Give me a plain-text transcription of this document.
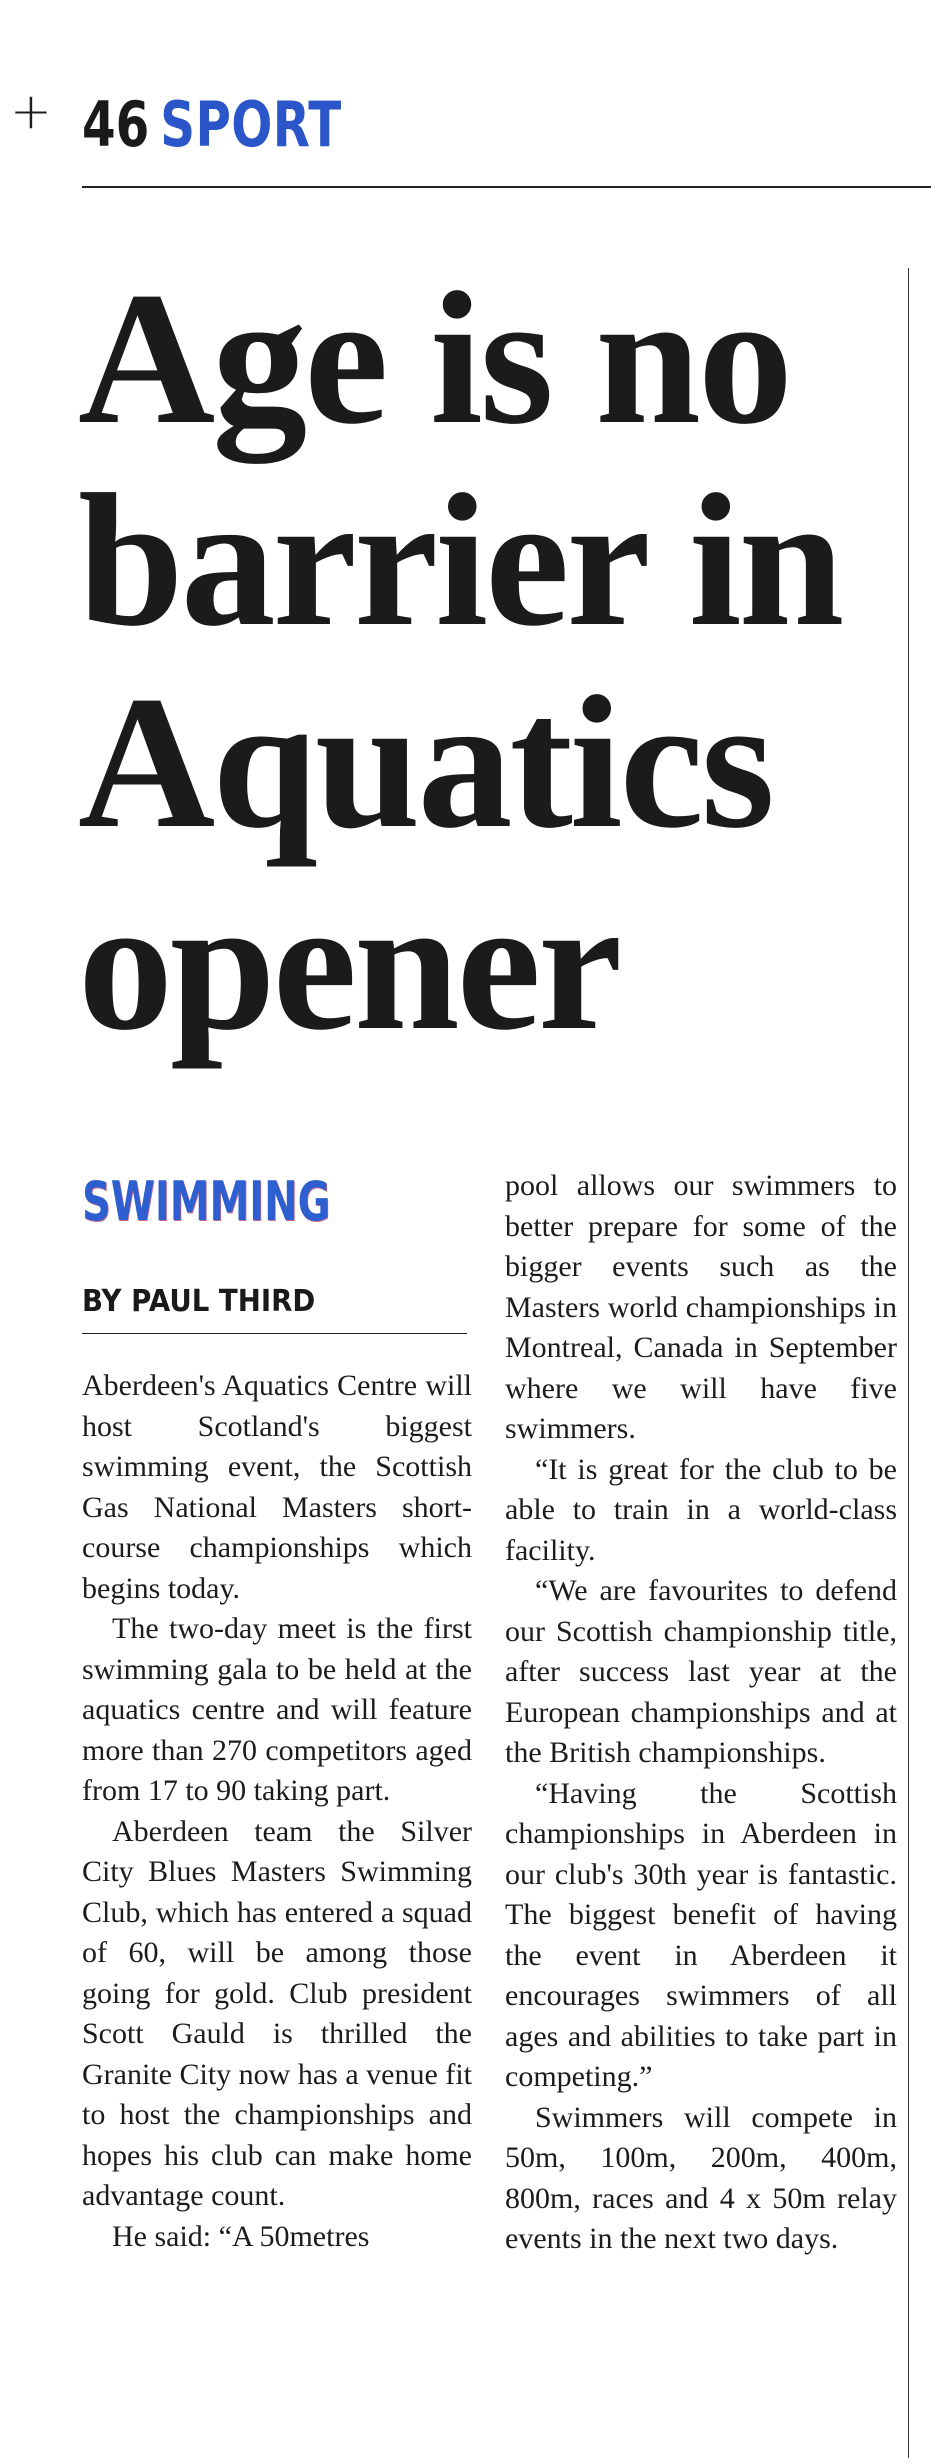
+ 46 SPORT
Age is no barrier in Aquatics opener
SWIMMING
BY PAUL THIRD

Aberdeen's Aquatics Centre will host Scotland's biggest swimming event, the Scottish Gas National Masters short-course championships which begins today.

The two-day meet is the first swimming gala to be held at the aquatics centre and will feature more than 270 competitors aged from 17 to 90 taking part.

Aberdeen team the Silver City Blues Masters Swimming Club, which has entered a squad of 60, will be among those going for gold. Club president Scott Gauld is thrilled the Granite City now has a venue fit to host the championships and hopes his club can make home advantage count.

He said: “A 50metres

pool allows our swimmers to better prepare for some of the bigger events such as the Masters world championships in Montreal, Canada in September where we will have five swimmers.

“It is great for the club to be able to train in a world-class facility.

“We are favourites to defend our Scottish championship title, after success last year at the European championships and at the British championships.

“Having the Scottish championships in Aberdeen in our club's 30th year is fantastic. The biggest benefit of having the event in Aberdeen it encourages swimmers of all ages and abilities to take part in competing.”

Swimmers will compete in 50m, 100m, 200m, 400m, 800m, races and 4 x 50m relay events in the next two days.
